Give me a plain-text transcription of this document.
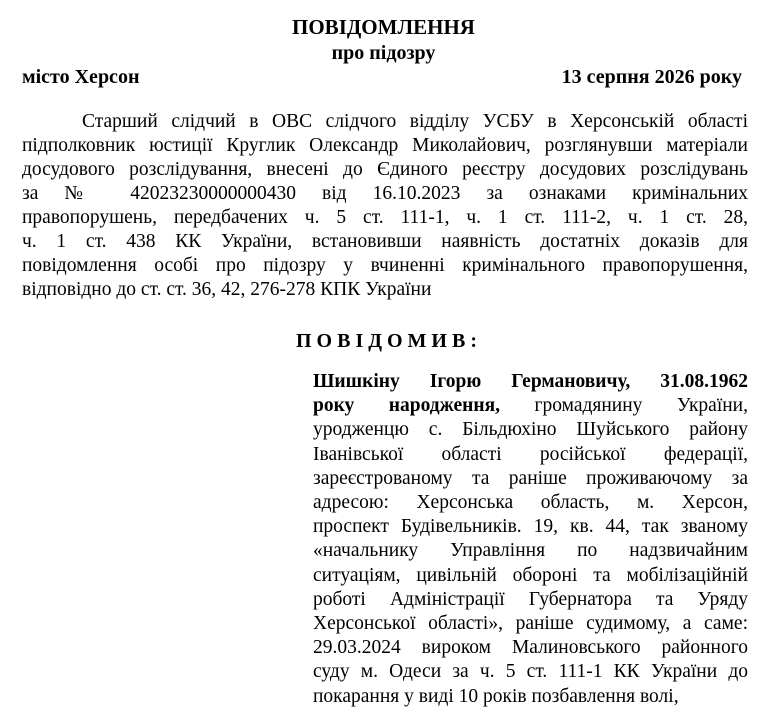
ПОВІДОМЛЕННЯ
про підозру
місто Херсон	13 серпня 2026 року
Старший слідчий в ОВС слідчого відділу УСБУ в Херсонській області
підполковник юстиції Круглик Олександр Миколайович, розглянувши матеріали
досудового розслідування, внесені до Єдиного реєстру досудових розслідувань
за № 42023230000000430 від 16.10.2023 за ознаками кримінальних
правопорушень, передбачених ч. 5 ст. 111-1, ч. 1 ст. 111-2, ч. 1 ст. 28,
ч. 1 ст. 438 КК України, встановивши наявність достатніх доказів для
повідомлення особі про підозру у вчиненні кримінального правопорушення,
відповідно до ст. ст. 36, 42, 276-278 КПК України
ПОВІДОМИВ:
Шишкіну Ігорю Германовичу, 31.08.1962
року народження, громадянину України,
уродженцю с. Більдюхіно Шуйського району
Іванівської області російської федерації,
зареєстрованому та раніше проживаючому за
адресою: Херсонська область, м. Херсон,
проспект Будівельників. 19, кв. 44, так званому
«начальнику Управління по надзвичайним
ситуаціям, цивільній обороні та мобілізаційній
роботі Адміністрації Губернатора та Уряду
Херсонської області», раніше судимому, а саме:
29.03.2024 вироком Малиновського районного
суду м. Одеси за ч. 5 ст. 111-1 КК України до
покарання у виді 10 років позбавлення волі,
